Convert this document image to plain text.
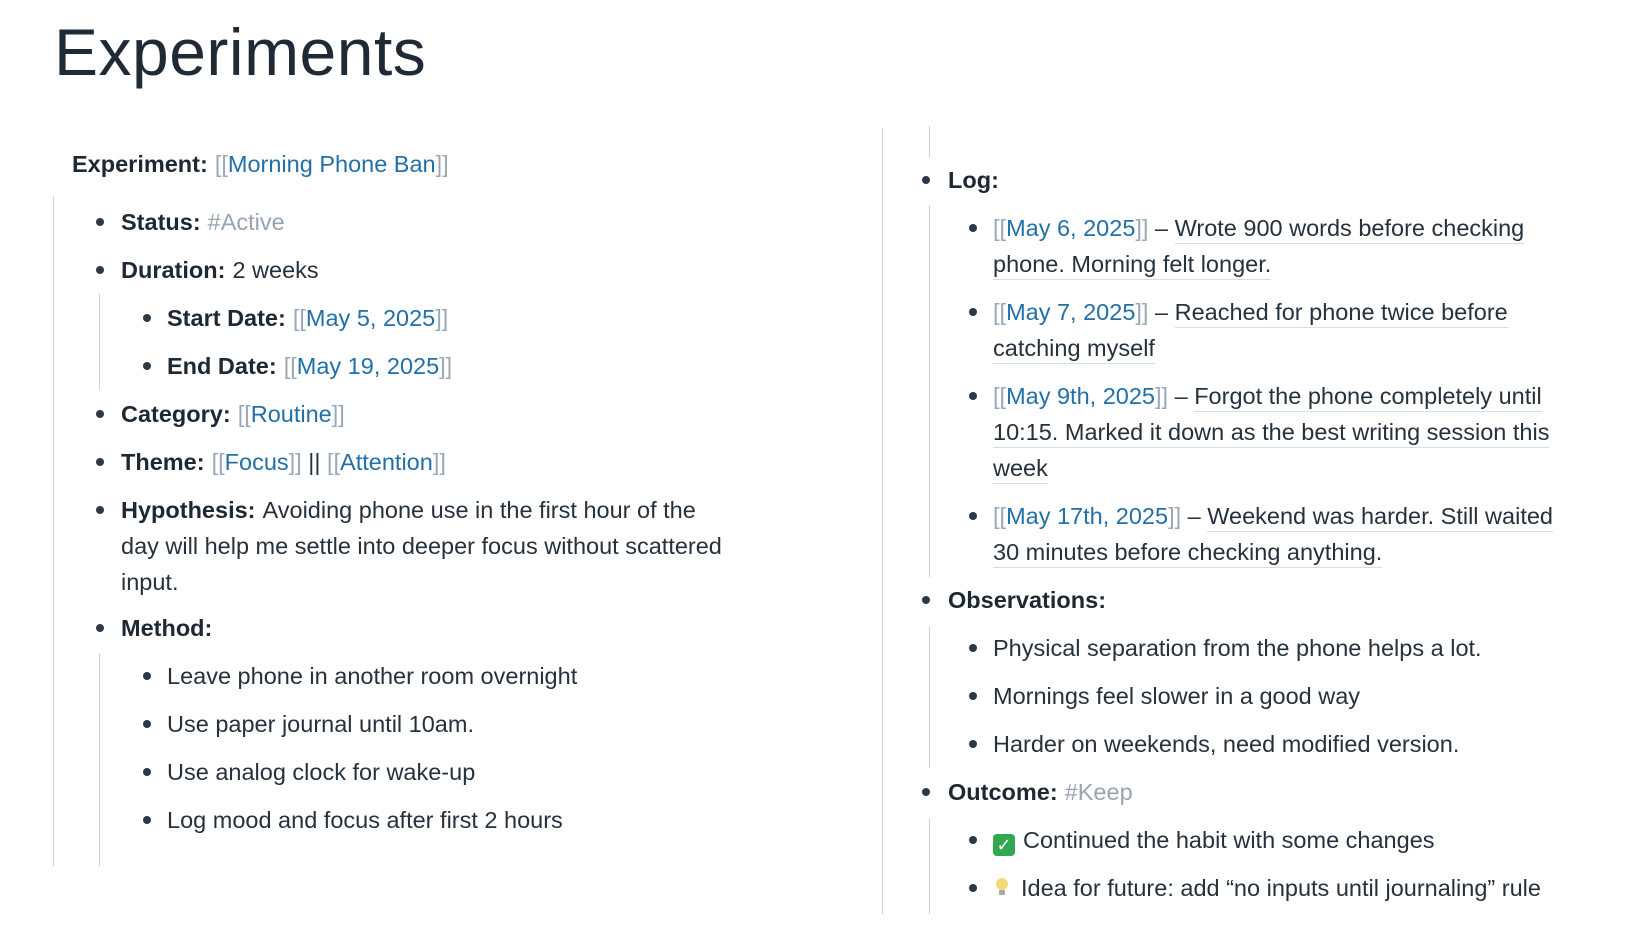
Experiments
Experiment: [[Morning Phone Ban]]
Status: #Active
Duration: 2 weeks
Start Date: [[May 5, 2025]]
End Date: [[May 19, 2025]]
Category: [[Routine]]
Theme: [[Focus]] || [[Attention]]
Hypothesis: Avoiding phone use in the first hour of the
day will help me settle into deeper focus without scattered
input.
Method:
Leave phone in another room overnight
Use paper journal until 10am.
Use analog clock for wake-up
Log mood and focus after first 2 hours
Log:
[[May 6, 2025]] – Wrote 900 words before checking
phone. Morning felt longer.
[[May 7, 2025]] – Reached for phone twice before
catching myself
[[May 9th, 2025]] – Forgot the phone completely until
10:15. Marked it down as the best writing session this
week
[[May 17th, 2025]] – Weekend was harder. Still waited
30 minutes before checking anything.
Observations:
Physical separation from the phone helps a lot.
Mornings feel slower in a good way
Harder on weekends, need modified version.
Outcome: #Keep
✓ Continued the habit with some changes
Idea for future: add “no inputs until journaling” rule
